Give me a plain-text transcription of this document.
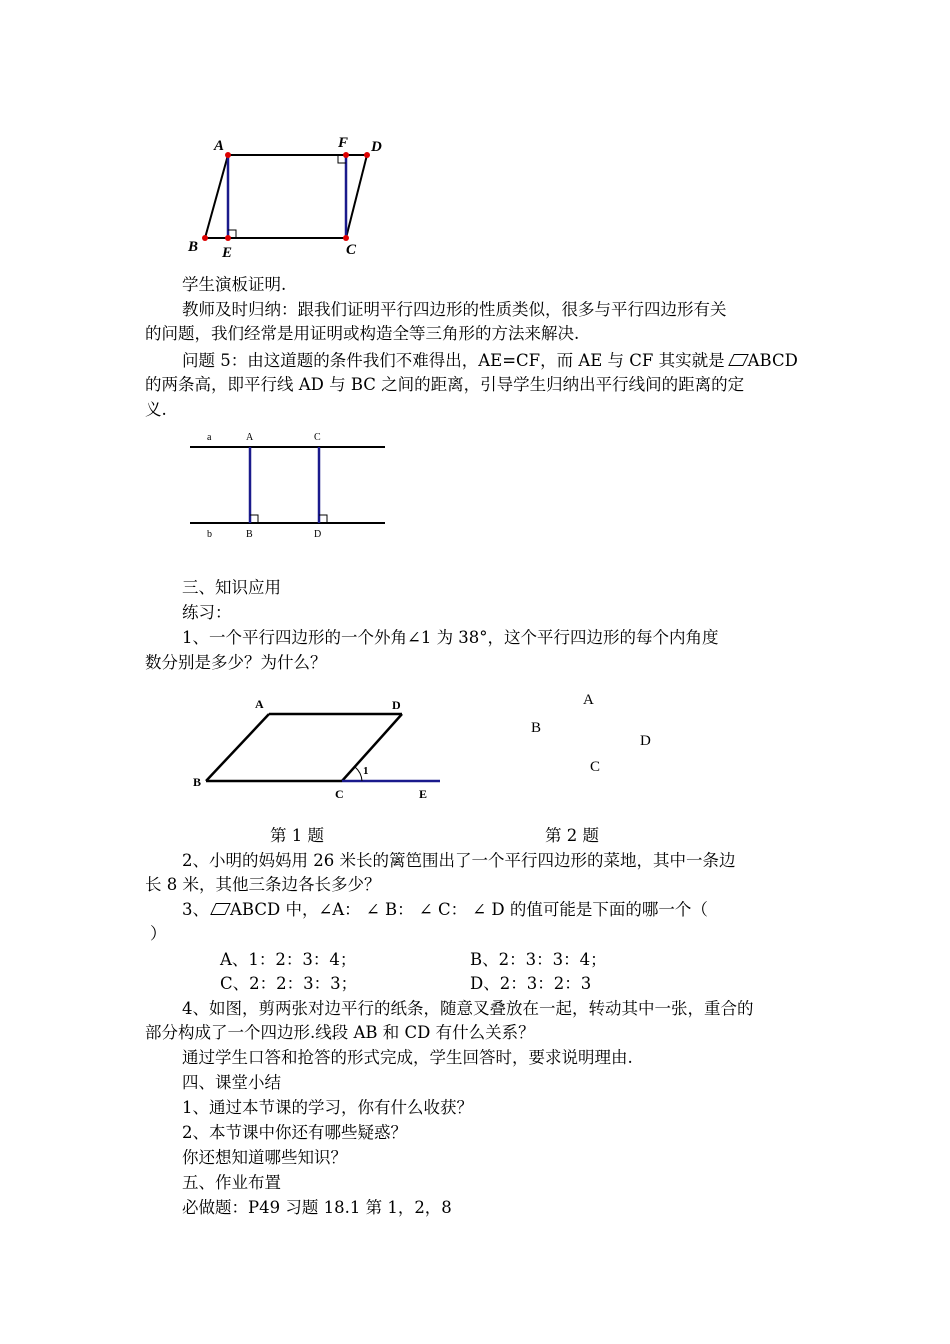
A	F D
B E	C
学生演板证明.
教师及时归纳：跟我们证明平行四边形的性质类似，很多与平行四边形有关
的问题，我们经常是用证明或构造全等三角形的方法来解决.
问题 5：由这道题的条件我们不难得出，AE=CF，而 AE 与 CF 其实就是 ABCD
的两条高，即平行线 AD 与 BC 之间的距离，引导学生归纳出平行线间的距离的定
义.
a	A	C
b	B	D
三、知识应用
练习：
1、一个平行四边形的一个外角∠1 为 38°，这个平行四边形的每个内角度
数分别是多少？为什么？
A	D
B
C	E
1
A
B
D
C
第 1 题	第 2 题
2、小明的妈妈用 26 米长的篱笆围出了一个平行四边形的菜地，其中一条边
长 8 米，其他三条边各长多少？
3、 ABCD 中，∠A： ∠ B： ∠ C： ∠ D 的值可能是下面的哪一个（
）
A、1：2：3：4；	B、2：3：3：4；
C、2：2：3：3；	D、2：3：2：3
4、如图，剪两张对边平行的纸条，随意叉叠放在一起，转动其中一张，重合的
部分构成了一个四边形.线段 AB 和 CD 有什么关系？
通过学生口答和抢答的形式完成，学生回答时，要求说明理由.
四、课堂小结
1、通过本节课的学习，你有什么收获？
2、本节课中你还有哪些疑惑？
你还想知道哪些知识？
五、作业布置
必做题：P49 习题 18.1 第 1，2，8
